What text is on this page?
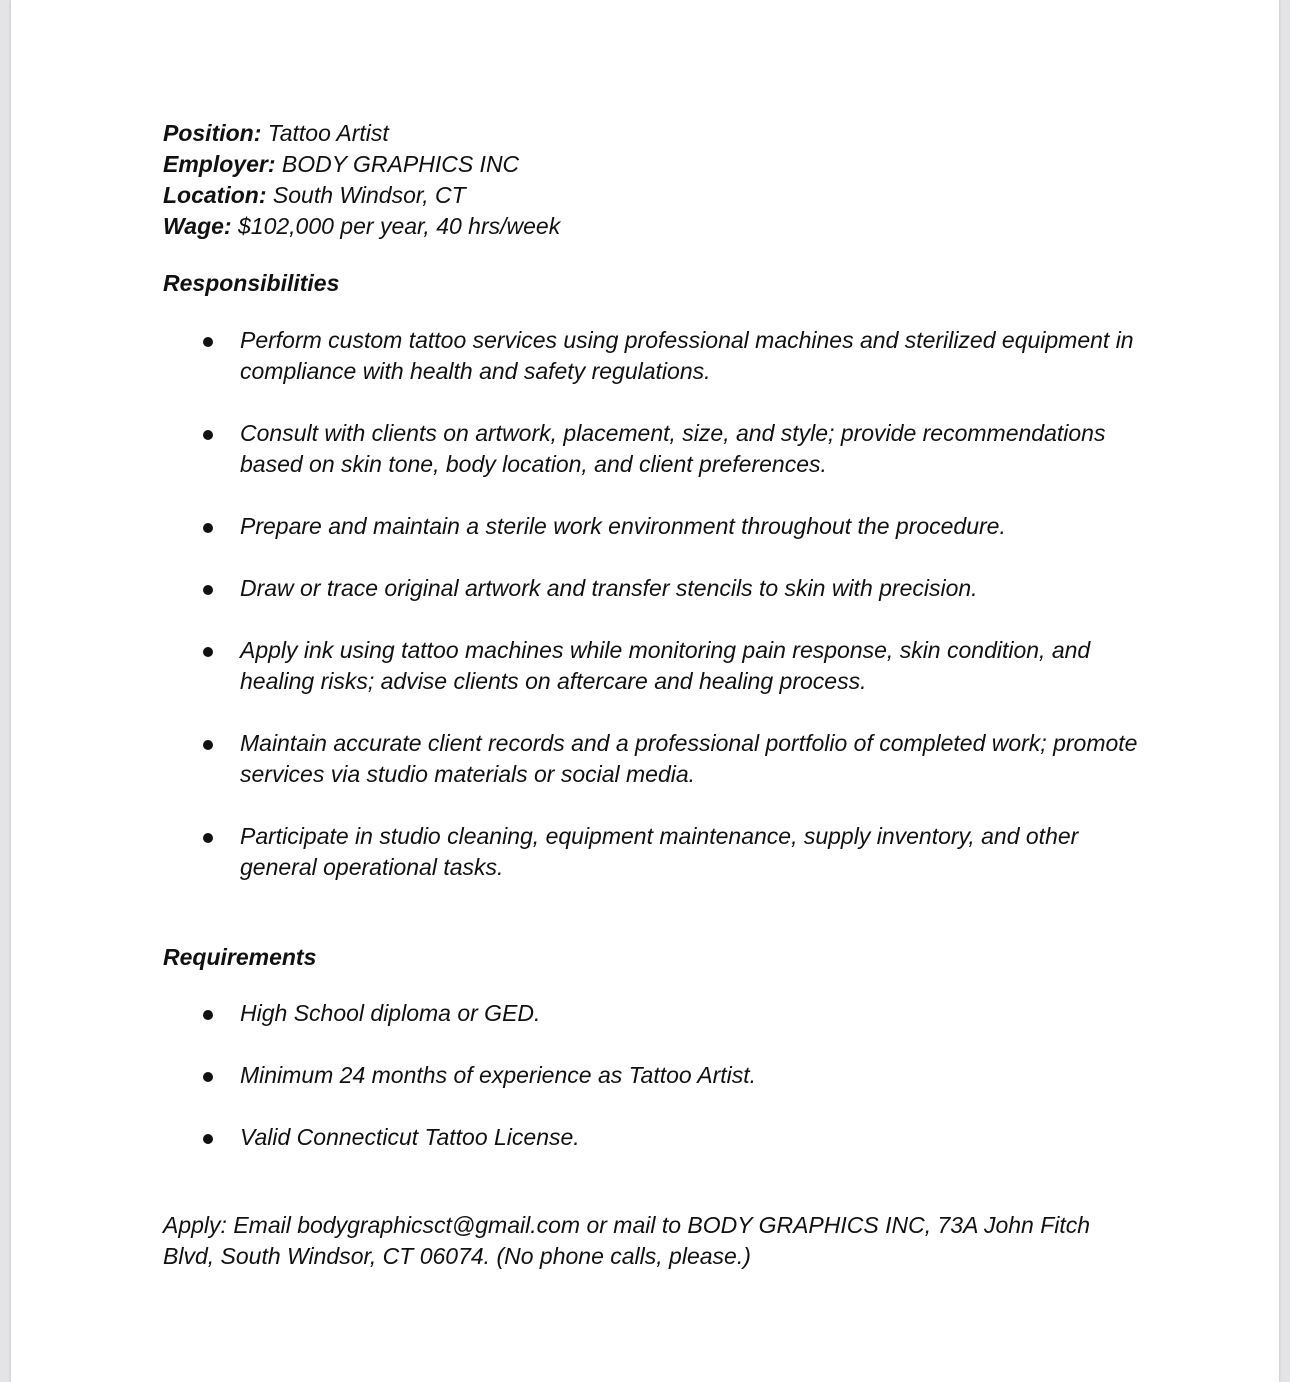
Position: Tattoo Artist

Employer: BODY GRAPHICS INC

Location: South Windsor, CT

Wage: $102,000 per year, 40 hrs/week

Responsibilities

Perform custom tattoo services using professional machines and sterilized equipment in compliance with health and safety regulations.
Consult with clients on artwork, placement, size, and style; provide recommendations based on skin tone, body location, and client preferences.
Prepare and maintain a sterile work environment throughout the procedure.
Draw or trace original artwork and transfer stencils to skin with precision.
Apply ink using tattoo machines while monitoring pain response, skin condition, and healing risks; advise clients on aftercare and healing process.
Maintain accurate client records and a professional portfolio of completed work; promote services via studio materials or social media.
Participate in studio cleaning, equipment maintenance, supply inventory, and other general operational tasks.

Requirements

High School diploma or GED.
Minimum 24 months of experience as Tattoo Artist.
Valid Connecticut Tattoo License.

Apply: Email bodygraphicsct@gmail.com or mail to BODY GRAPHICS INC, 73A John Fitch Blvd, South Windsor, CT 06074. (No phone calls, please.)
